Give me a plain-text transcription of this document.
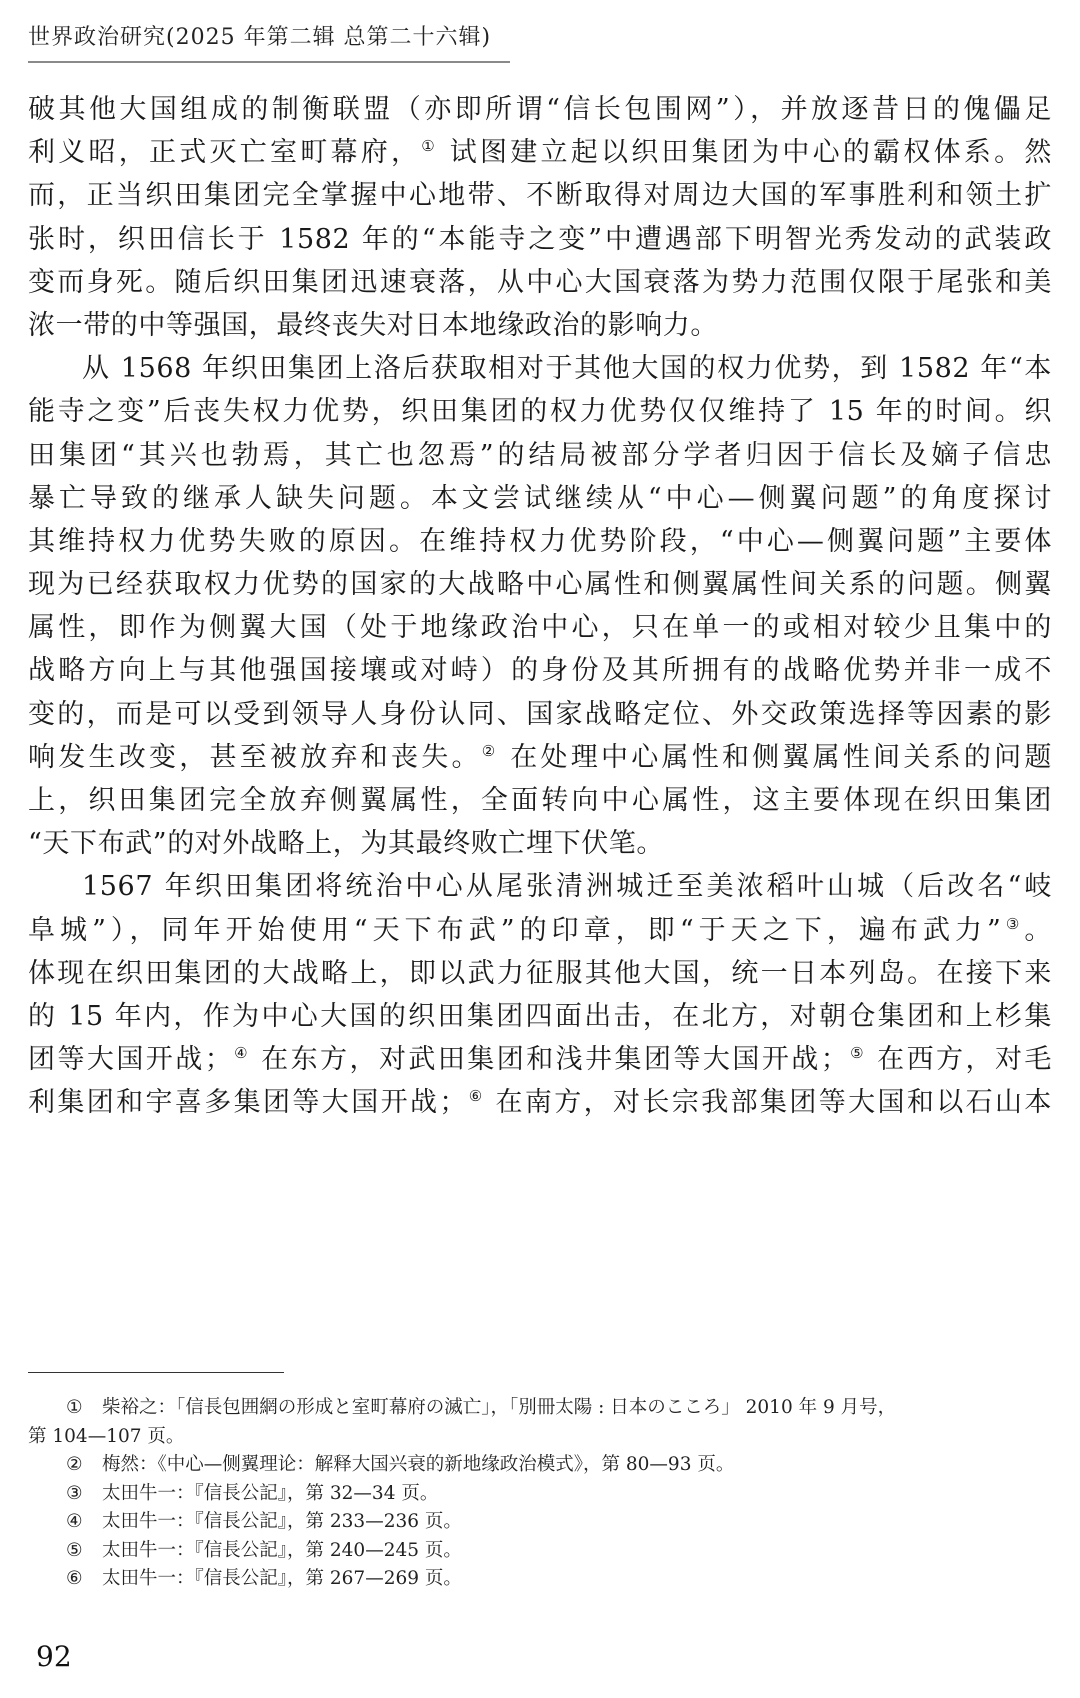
世界政治研究(2025 年第二辑 总第二十六辑)
破其他大国组成的制衡联盟（亦即所谓“信长包围网”），并放逐昔日的傀儡足
利义昭，正式灭亡室町幕府，① 试图建立起以织田集团为中心的霸权体系。然
而，正当织田集团完全掌握中心地带、不断取得对周边大国的军事胜利和领土扩
张时，织田信长于 1582 年的“本能寺之变”中遭遇部下明智光秀发动的武装政
变而身死。随后织田集团迅速衰落，从中心大国衰落为势力范围仅限于尾张和美
浓一带的中等强国，最终丧失对日本地缘政治的影响力。
从 1568 年织田集团上洛后获取相对于其他大国的权力优势，到 1582 年“本
能寺之变”后丧失权力优势，织田集团的权力优势仅仅维持了 15 年的时间。织
田集团“其兴也勃焉，其亡也忽焉”的结局被部分学者归因于信长及嫡子信忠
暴亡导致的继承人缺失问题。本文尝试继续从“中心—侧翼问题”的角度探讨
其维持权力优势失败的原因。在维持权力优势阶段，“中心—侧翼问题”主要体
现为已经获取权力优势的国家的大战略中心属性和侧翼属性间关系的问题。侧翼
属性，即作为侧翼大国（处于地缘政治中心，只在单一的或相对较少且集中的
战略方向上与其他强国接壤或对峙）的身份及其所拥有的战略优势并非一成不
变的，而是可以受到领导人身份认同、国家战略定位、外交政策选择等因素的影
响发生改变，甚至被放弃和丧失。② 在处理中心属性和侧翼属性间关系的问题
上，织田集团完全放弃侧翼属性，全面转向中心属性，这主要体现在织田集团
“天下布武”的对外战略上，为其最终败亡埋下伏笔。
1567 年织田集团将统治中心从尾张清洲城迁至美浓稻叶山城（后改名“岐
阜城”），同年开始使用“天下布武”的印章，即“于天之下，遍布武力”③。
体现在织田集团的大战略上，即以武力征服其他大国，统一日本列岛。在接下来
的 15 年内，作为中心大国的织田集团四面出击，在北方，对朝仓集团和上杉集
团等大国开战；④ 在东方，对武田集团和浅井集团等大国开战；⑤ 在西方，对毛
利集团和宇喜多集团等大国开战；⑥ 在南方，对长宗我部集团等大国和以石山本
① 柴裕之：「信長包囲網の形成と室町幕府の滅亡」，「別冊太陽 : 日本のこころ」 2010 年 9 月号，
第 104—107 页。
② 梅然：《中心—侧翼理论：解释大国兴衰的新地缘政治模式》，第 80—93 页。
③ 太田牛一：『信長公記』，第 32—34 页。
④ 太田牛一：『信長公記』，第 233—236 页。
⑤ 太田牛一：『信長公記』，第 240—245 页。
⑥ 太田牛一：『信長公記』，第 267—269 页。
92
